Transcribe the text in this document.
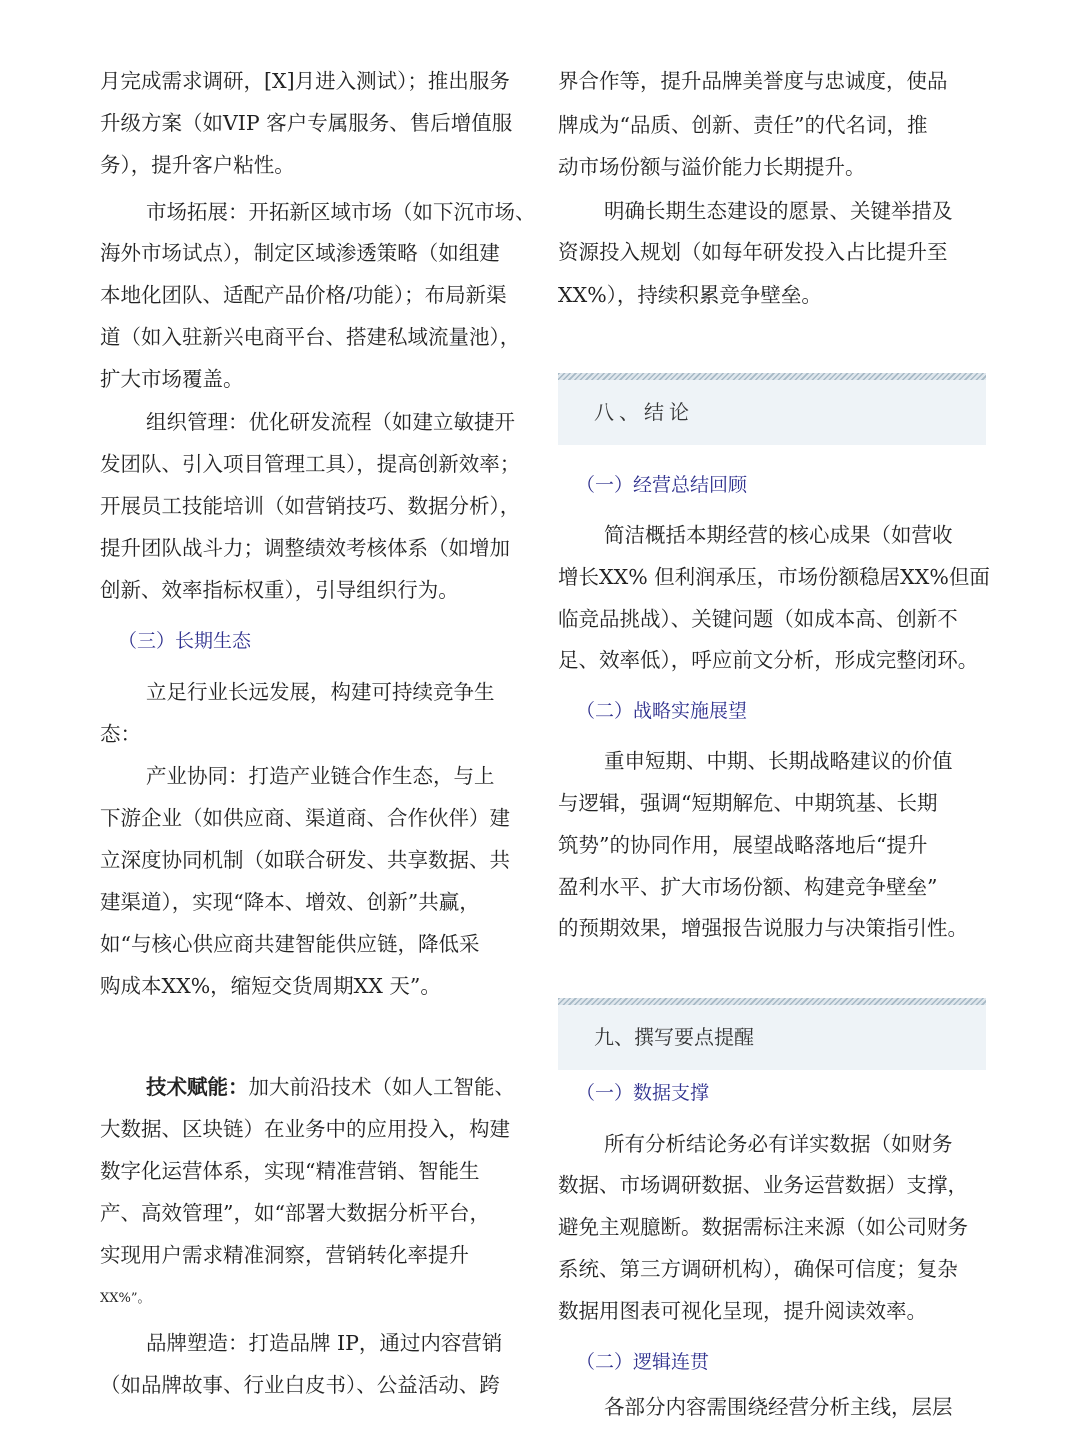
月完成需求调研，[X]月进入测试）；推出服务
升级方案（如VIP 客户专属服务、售后增值服
务），提升客户粘性。
市场拓展：开拓新区域市场（如下沉市场、
海外市场试点），制定区域渗透策略（如组建
本地化团队、适配产品价格/功能）；布局新渠
道（如入驻新兴电商平台、搭建私域流量池），
扩大市场覆盖。
组织管理：优化研发流程（如建立敏捷开
发团队、引入项目管理工具），提高创新效率；
开展员工技能培训（如营销技巧、数据分析），
提升团队战斗力；调整绩效考核体系（如增加
创新、效率指标权重），引导组织行为。
（三）长期生态
立足行业长远发展，构建可持续竞争生
态：
产业协同：打造产业链合作生态，与上
下游企业（如供应商、渠道商、合作伙伴）建
立深度协同机制（如联合研发、共享数据、共
建渠道），实现“降本、增效、创新”共赢，
如“与核心供应商共建智能供应链，降低采
购成本XX%，缩短交货周期XX 天”。
技术赋能：加大前沿技术（如人工智能、
大数据、区块链）在业务中的应用投入，构建
数字化运营体系，实现“精准营销、智能生
产、高效管理”，如“部署大数据分析平台，
实现用户需求精准洞察，营销转化率提升
XX%”。
品牌塑造：打造品牌 IP，通过内容营销
（如品牌故事、行业白皮书）、公益活动、跨
界合作等，提升品牌美誉度与忠诚度，使品
牌成为“品质、创新、责任”的代名词，推
动市场份额与溢价能力长期提升。
明确长期生态建设的愿景、关键举措及
资源投入规划（如每年研发投入占比提升至
XX%），持续积累竞争壁垒。
八、结论
（一）经营总结回顾
简洁概括本期经营的核心成果（如营收
增长XX% 但利润承压，市场份额稳居XX%但面
临竞品挑战）、关键问题（如成本高、创新不
足、效率低），呼应前文分析，形成完整闭环。
（二）战略实施展望
重申短期、中期、长期战略建议的价值
与逻辑，强调“短期解危、中期筑基、长期
筑势”的协同作用，展望战略落地后“提升
盈利水平、扩大市场份额、构建竞争壁垒”
的预期效果，增强报告说服力与决策指引性。
九、撰写要点提醒
（一）数据支撑
所有分析结论务必有详实数据（如财务
数据、市场调研数据、业务运营数据）支撑，
避免主观臆断。数据需标注来源（如公司财务
系统、第三方调研机构），确保可信度；复杂
数据用图表可视化呈现，提升阅读效率。
（二）逻辑连贯
各部分内容需围绕经营分析主线，层层
